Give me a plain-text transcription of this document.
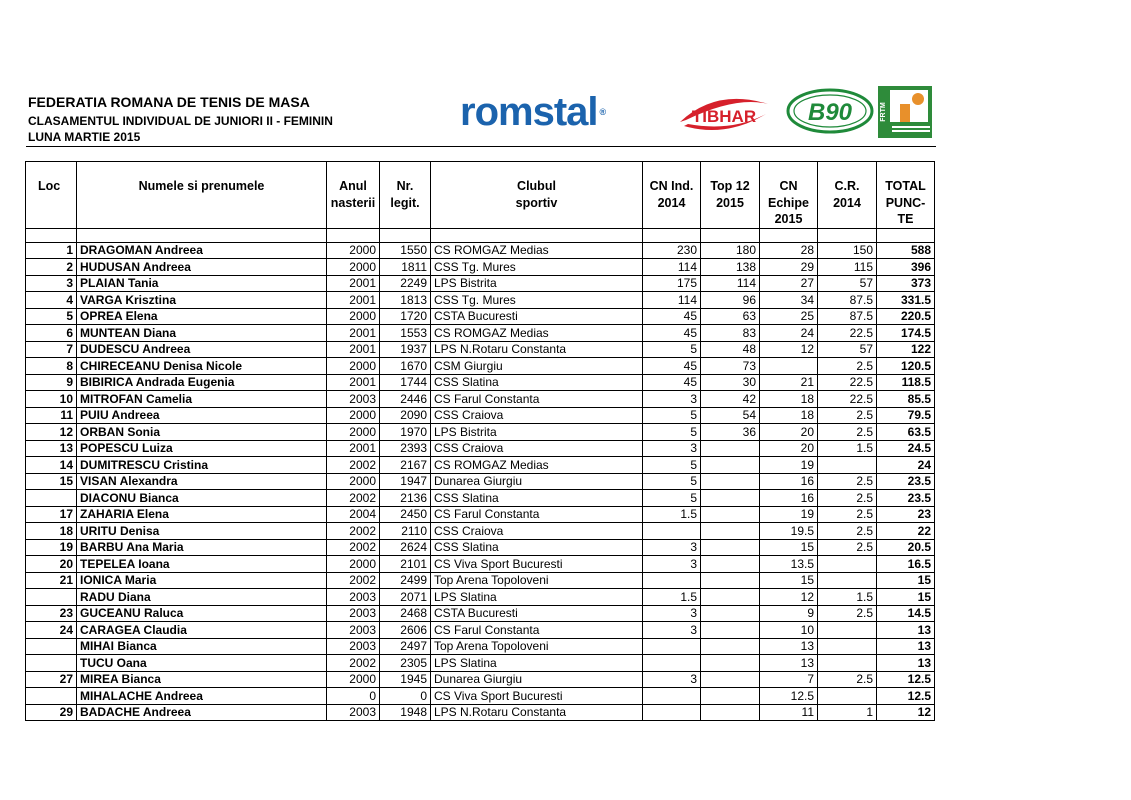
FEDERATIA ROMANA DE TENIS DE MASA
CLASAMENTUL INDIVIDUAL DE JUNIORI II - FEMININ
LUNA MARTIE 2015
romstal ®	TIBHAR B90	FRTM
Loc	Numele si prenumele	Anul nasterii	Nr. legit.	Clubul sportiv	CN Ind. 2014	Top 12 2015	CN Echipe 2015	C.R. 2014	TOTAL PUNC-TE

1	DRAGOMAN Andreea	2000	1550	CS ROMGAZ Medias	230	180	28	150	588
2	HUDUSAN Andreea	2000	1811	CSS Tg. Mures	114	138	29	115	396
3	PLAIAN Tania	2001	2249	LPS Bistrita	175	114	27	57	373
4	VARGA Krisztina	2001	1813	CSS Tg. Mures	114	96	34	87.5	331.5
5	OPREA Elena	2000	1720	CSTA Bucuresti	45	63	25	87.5	220.5
6	MUNTEAN Diana	2001	1553	CS ROMGAZ Medias	45	83	24	22.5	174.5
7	DUDESCU Andreea	2001	1937	LPS N.Rotaru Constanta	5	48	12	57	122
8	CHIRECEANU Denisa Nicole	2000	1670	CSM Giurgiu	45	73		2.5	120.5
9	BIBIRICA Andrada Eugenia	2001	1744	CSS Slatina	45	30	21	22.5	118.5
10	MITROFAN Camelia	2003	2446	CS Farul Constanta	3	42	18	22.5	85.5
11	PUIU Andreea	2000	2090	CSS Craiova	5	54	18	2.5	79.5
12	ORBAN Sonia	2000	1970	LPS Bistrita	5	36	20	2.5	63.5
13	POPESCU Luiza	2001	2393	CSS Craiova	3		20	1.5	24.5
14	DUMITRESCU Cristina	2002	2167	CS ROMGAZ Medias	5		19		24
15	VISAN Alexandra	2000	1947	Dunarea Giurgiu	5		16	2.5	23.5
	DIACONU Bianca	2002	2136	CSS Slatina	5		16	2.5	23.5
17	ZAHARIA Elena	2004	2450	CS Farul Constanta	1.5		19	2.5	23
18	URITU Denisa	2002	2110	CSS Craiova			19.5	2.5	22
19	BARBU Ana Maria	2002	2624	CSS Slatina	3		15	2.5	20.5
20	TEPELEA Ioana	2000	2101	CS Viva Sport Bucuresti	3		13.5		16.5
21	IONICA Maria	2002	2499	Top Arena Topoloveni			15		15
	RADU Diana	2003	2071	LPS Slatina	1.5		12	1.5	15
23	GUCEANU Raluca	2003	2468	CSTA Bucuresti	3		9	2.5	14.5
24	CARAGEA Claudia	2003	2606	CS Farul Constanta	3		10		13
	MIHAI Bianca	2003	2497	Top Arena Topoloveni			13		13
	TUCU Oana	2002	2305	LPS Slatina			13		13
27	MIREA Bianca	2000	1945	Dunarea Giurgiu	3		7	2.5	12.5
	MIHALACHE Andreea	0	0	CS Viva Sport Bucuresti			12.5		12.5
29	BADACHE Andreea	2003	1948	LPS N.Rotaru Constanta			11	1	12
